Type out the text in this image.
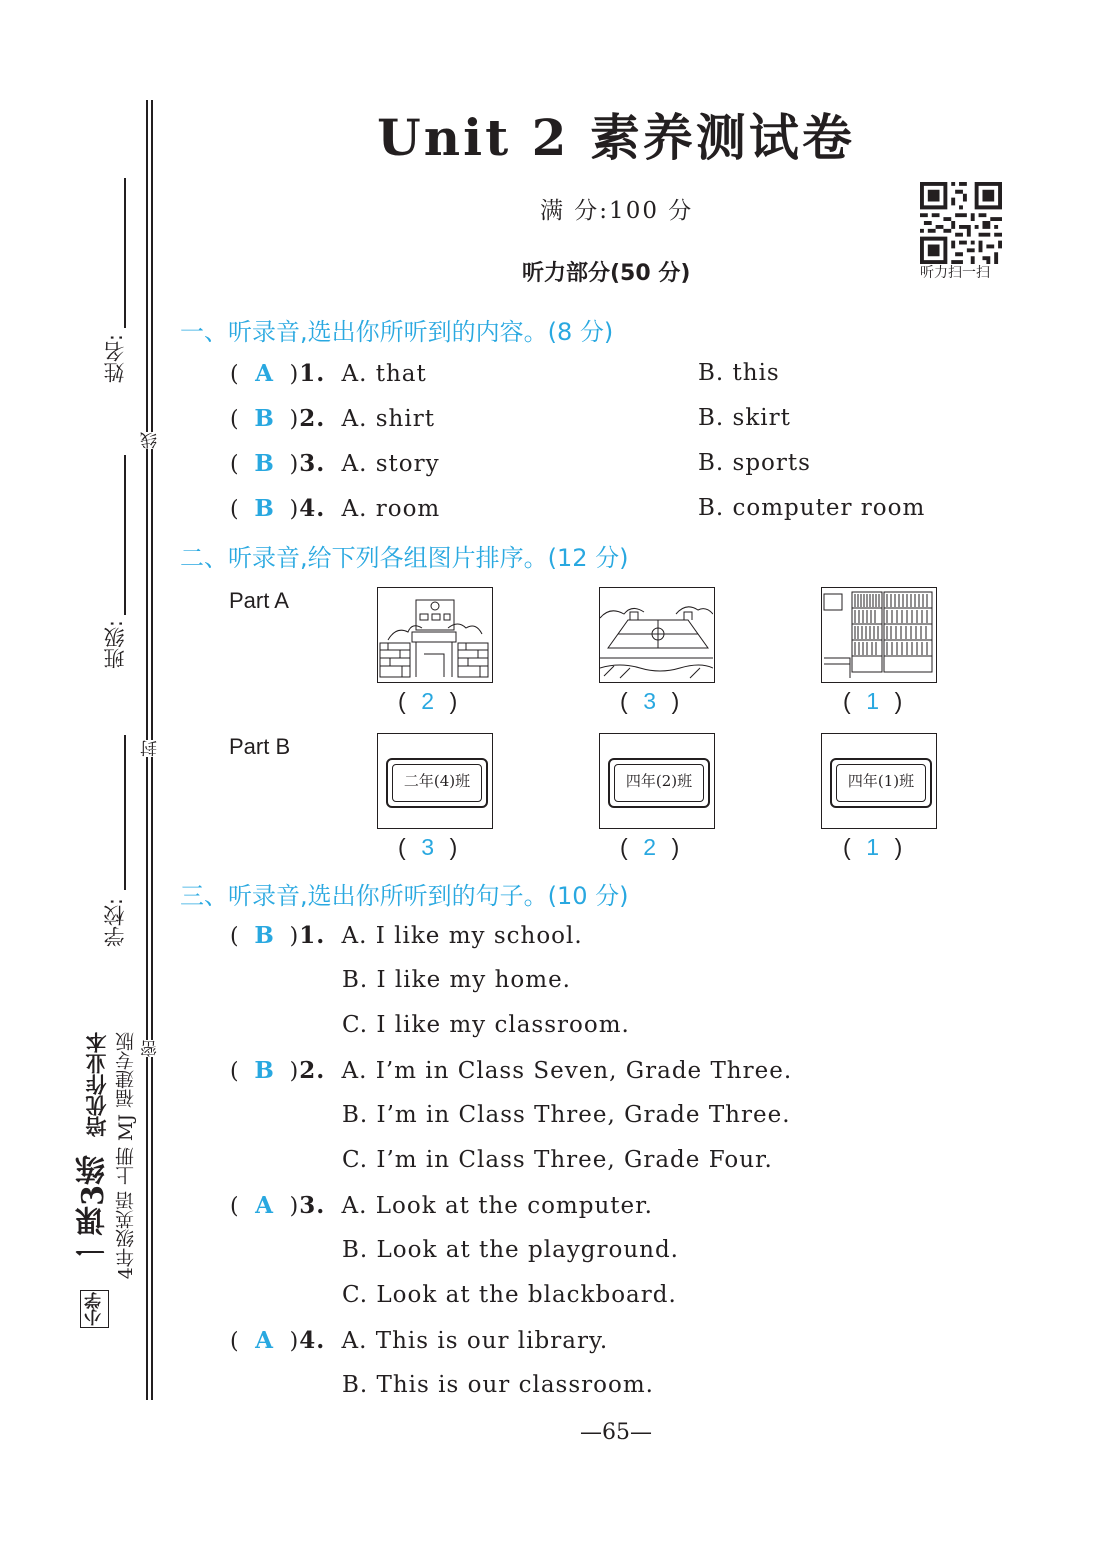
姓名:
线
班级:
封
学校:
密
小学
一课3练
培优作业本 4年级英语 上册 MJ 福建专版
Unit 2 素养测试卷
满 分:100 分
听力部分(50 分)	听力扫一扫
一、听录音,选出你所听到的内容。(8 分)
( A )1. A. that	B. this
( B )2. A. shirt	B. skirt
( B )3. A. story	B. sports
( B )4. A. room	B. computer room
二、听录音,给下列各组图片排序。(12 分)
Part A
( 2 )	( 3 )	( 1 )
Part B
二年(4)班	四年(2)班	四年(1)班
( 3 )	( 2 )	( 1 )
三、听录音,选出你所听到的句子。(10 分)
( B )1. A. I like my school.
B. I like my home.
C. I like my classroom.
( B )2. A. I’m in Class Seven, Grade Three.
B. I’m in Class Three, Grade Three.
C. I’m in Class Three, Grade Four.
( A )3. A. Look at the computer.
B. Look at the playground.
C. Look at the blackboard.
( A )4. A. This is our library.
B. This is our classroom.
—65—
